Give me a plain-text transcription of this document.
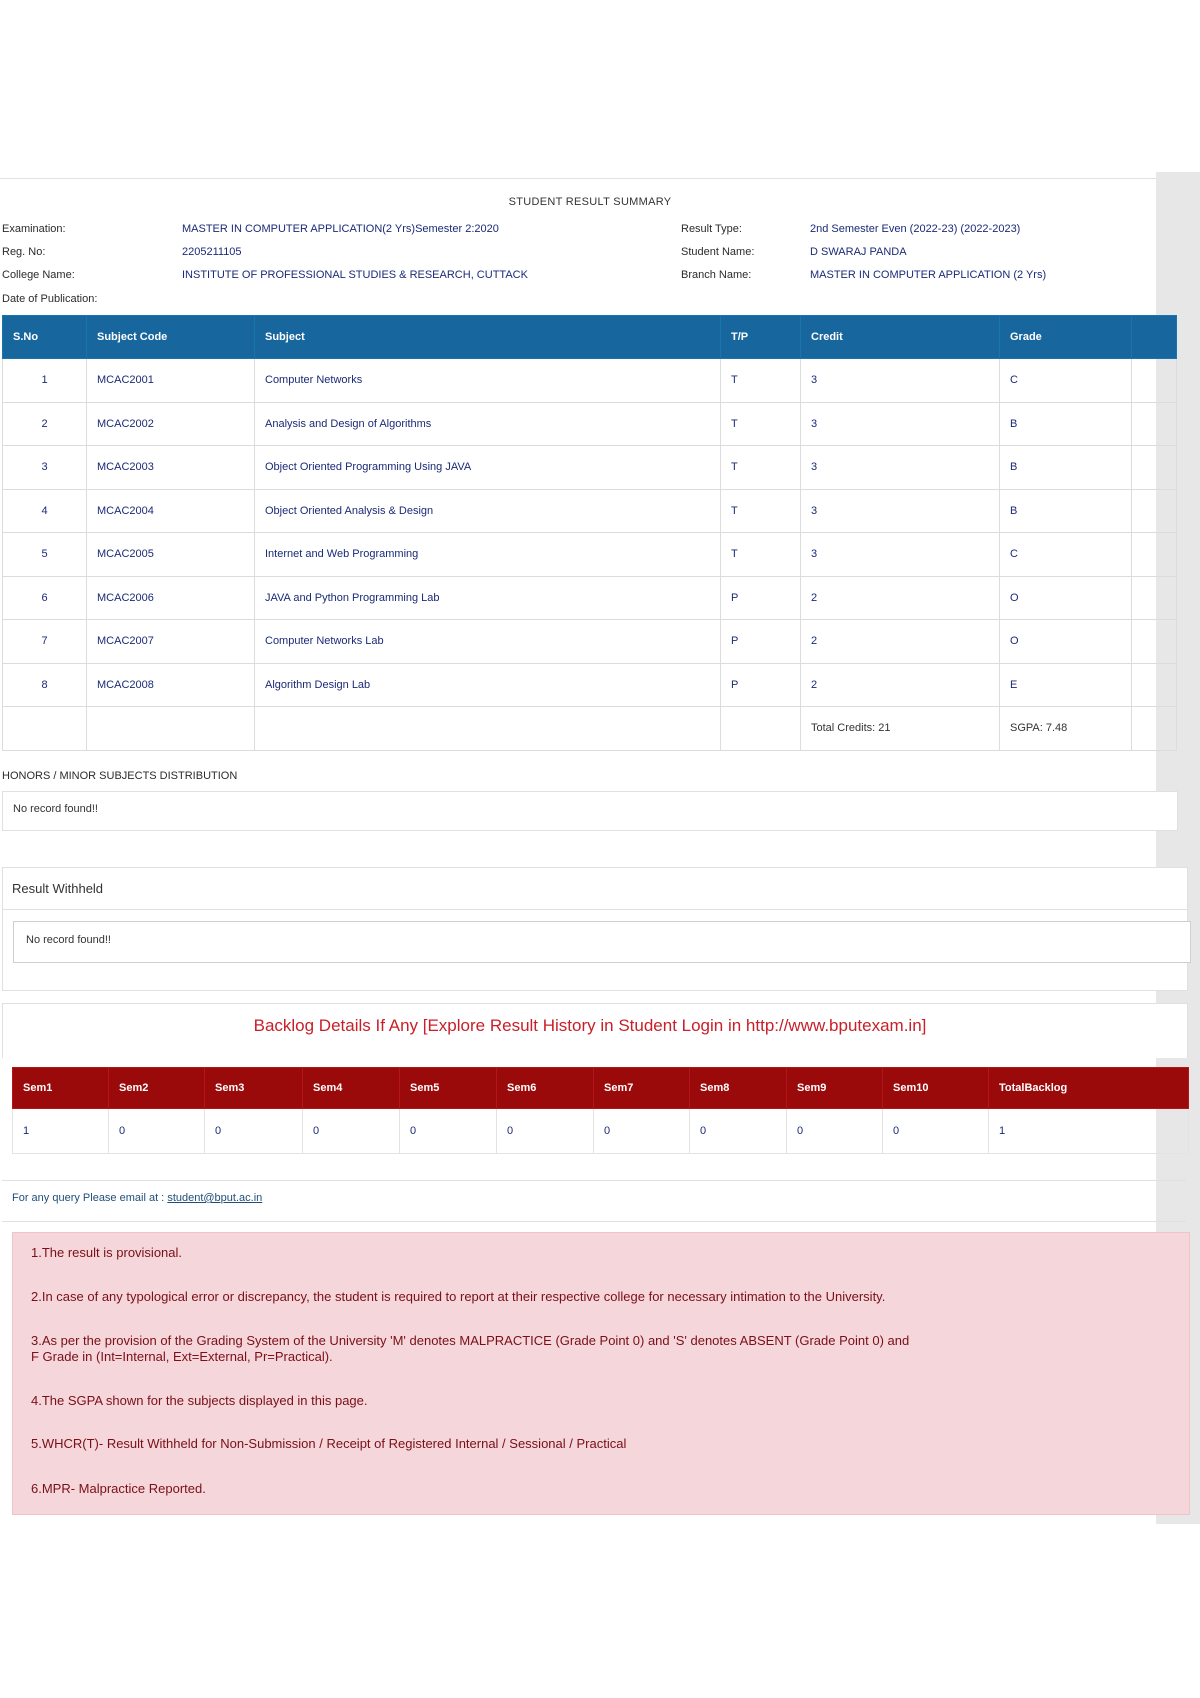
STUDENT RESULT SUMMARY
Examination:	MASTER IN COMPUTER APPLICATION(2 Yrs)Semester 2:2020
Reg. No:	2205211105
College Name:	INSTITUTE OF PROFESSIONAL STUDIES & RESEARCH, CUTTACK
Date of Publication:
Result Type:	2nd Semester Even (2022-23) (2022-2023)
Student Name:	D SWARAJ PANDA
Branch Name:	MASTER IN COMPUTER APPLICATION (2 Yrs)
S.No	Subject Code	Subject	T/P	Credit	Grade	
1	MCAC2001	Computer Networks	T	3	C	
2	MCAC2002	Analysis and Design of Algorithms	T	3	B	
3	MCAC2003	Object Oriented Programming Using JAVA	T	3	B	
4	MCAC2004	Object Oriented Analysis & Design	T	3	B	
5	MCAC2005	Internet and Web Programming	T	3	C	
6	MCAC2006	JAVA and Python Programming Lab	P	2	O	
7	MCAC2007	Computer Networks Lab	P	2	O	
8	MCAC2008	Algorithm Design Lab	P	2	E	
				Total Credits: 21	SGPA: 7.48	
HONORS / MINOR SUBJECTS DISTRIBUTION
No record found!!
Result Withheld
No record found!!
Backlog Details If Any [Explore Result History in Student Login in http://www.bputexam.in]
Sem1	Sem2	Sem3	Sem4	Sem5	Sem6	Sem7	Sem8	Sem9	Sem10	TotalBacklog
1	0	0	0	0	0	0	0	0	0	1
For any query Please email at : student@bput.ac.in
1.The result is provisional.
2.In case of any typological error or discrepancy, the student is required to report at their respective college for necessary intimation to the University.
3.As per the provision of the Grading System of the University 'M' denotes MALPRACTICE (Grade Point 0) and 'S' denotes ABSENT (Grade Point 0) and
F Grade in (Int=Internal, Ext=External, Pr=Practical).
4.The SGPA shown for the subjects displayed in this page.
5.WHCR(T)- Result Withheld for Non-Submission / Receipt of Registered Internal / Sessional / Practical
6.MPR- Malpractice Reported.
